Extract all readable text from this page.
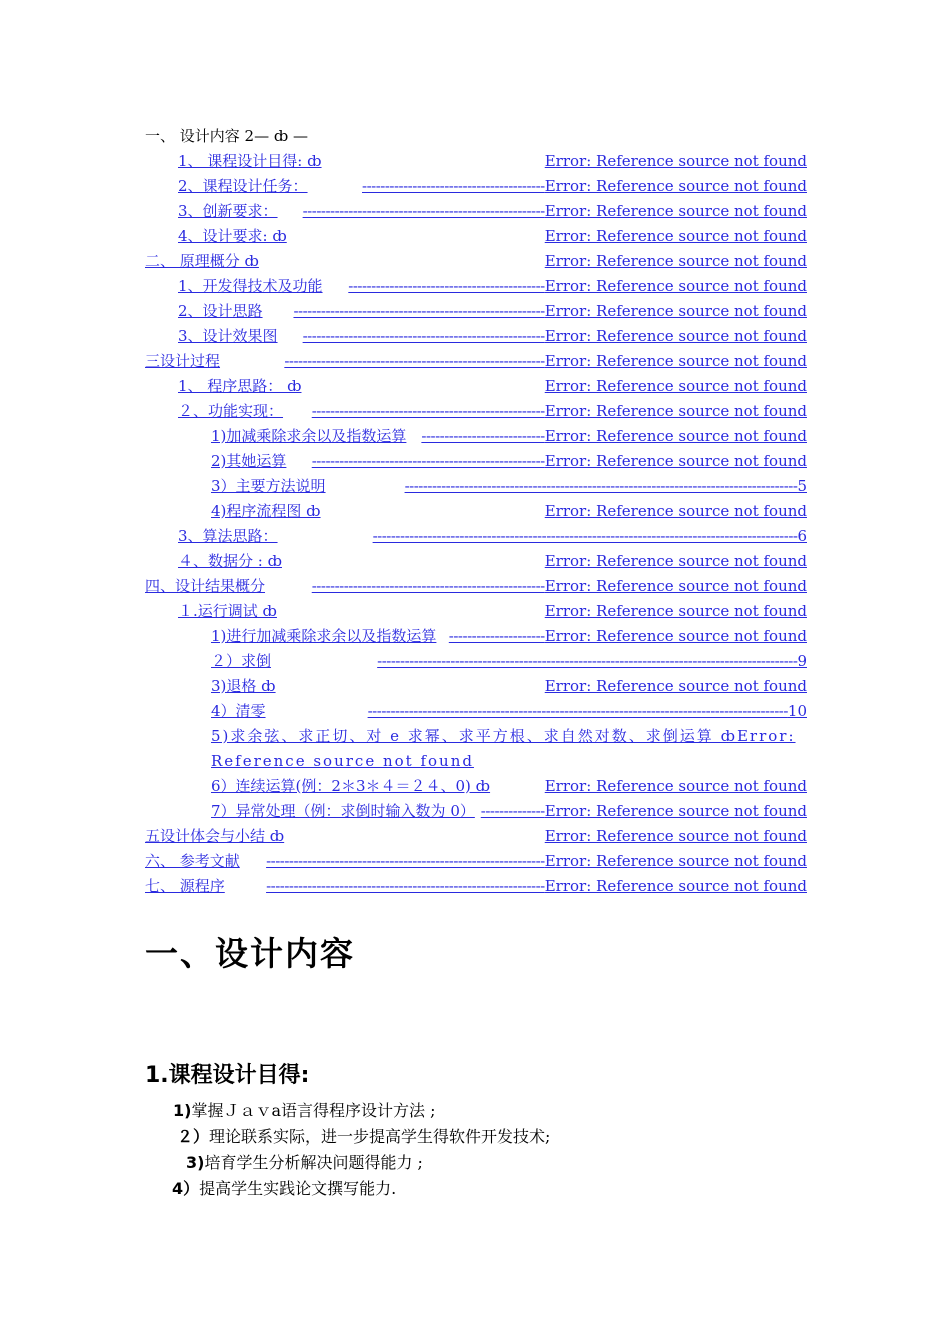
一、 设计内容 2— ȸ —
1、 课程设计目得: ȸ	Error: Reference source not found
2、课程设计任务：	---------------------------------------- Error: Reference source not found
3、创新要求： ----------------------------------------------------- Error: Reference source not found
4、设计要求: ȸ	Error: Reference source not found
二、 原理概分 ȸ	Error: Reference source not found
1、开发得技术及功能 ------------------------------------------- Error: Reference source not found
2、设计思路 ------------------------------------------------------- Error: Reference source not found
3、设计效果图 ----------------------------------------------------- Error: Reference source not found
三设计过程	--------------------------------------------------------- Error: Reference source not found
1、 程序思路： ȸ	Error: Reference source not found
２、功能实现： --------------------------------------------------- Error: Reference source not found
1)加减乘除求余以及指数运算 --------------------------- Error: Reference source not found
2)其她运算 --------------------------------------------------- Error: Reference source not found
3）主要方法说明	-------------------------------------------------------------------------------------- 5
4)程序流程图 ȸ	Error: Reference source not found
3、算法思路：	--------------------------------------------------------------------------------------------- 6
４、数据分 : ȸ	Error: Reference source not found
四、设计结果概分	--------------------------------------------------- Error: Reference source not found
１.运行调试 ȸ	Error: Reference source not found
1)进行加减乘除求余以及指数运算 --------------------- Error: Reference source not found
２）求倒	-------------------------------------------------------------------------------------------- 9
3)退格 ȸ	Error: Reference source not found
4）清零	-------------------------------------------------------------------------------------------- 10
5)求余弦、求正切、对 e 求幂、求平方根、求自然对数、求倒运算 ȸError: Reference source not found
6）连续运算(例：2＊3＊４＝２４、0) ȸ	Error: Reference source not found
7）异常处理（例：求倒时输入数为 0） -------------- Error: Reference source not found
五设计体会与小结 ȸ	Error: Reference source not found
六、 参考文献 ------------------------------------------------------------- Error: Reference source not found
七、 源程序	------------------------------------------------------------- Error: Reference source not found
一、设计内容
1.课程设计目得:
1)掌握Ｊａｖa语言得程序设计方法 ;
２）理论联系实际，进一步提高学生得软件开发技术;
3)培育学生分析解决问题得能力 ;
4）提高学生实践论文撰写能力.
